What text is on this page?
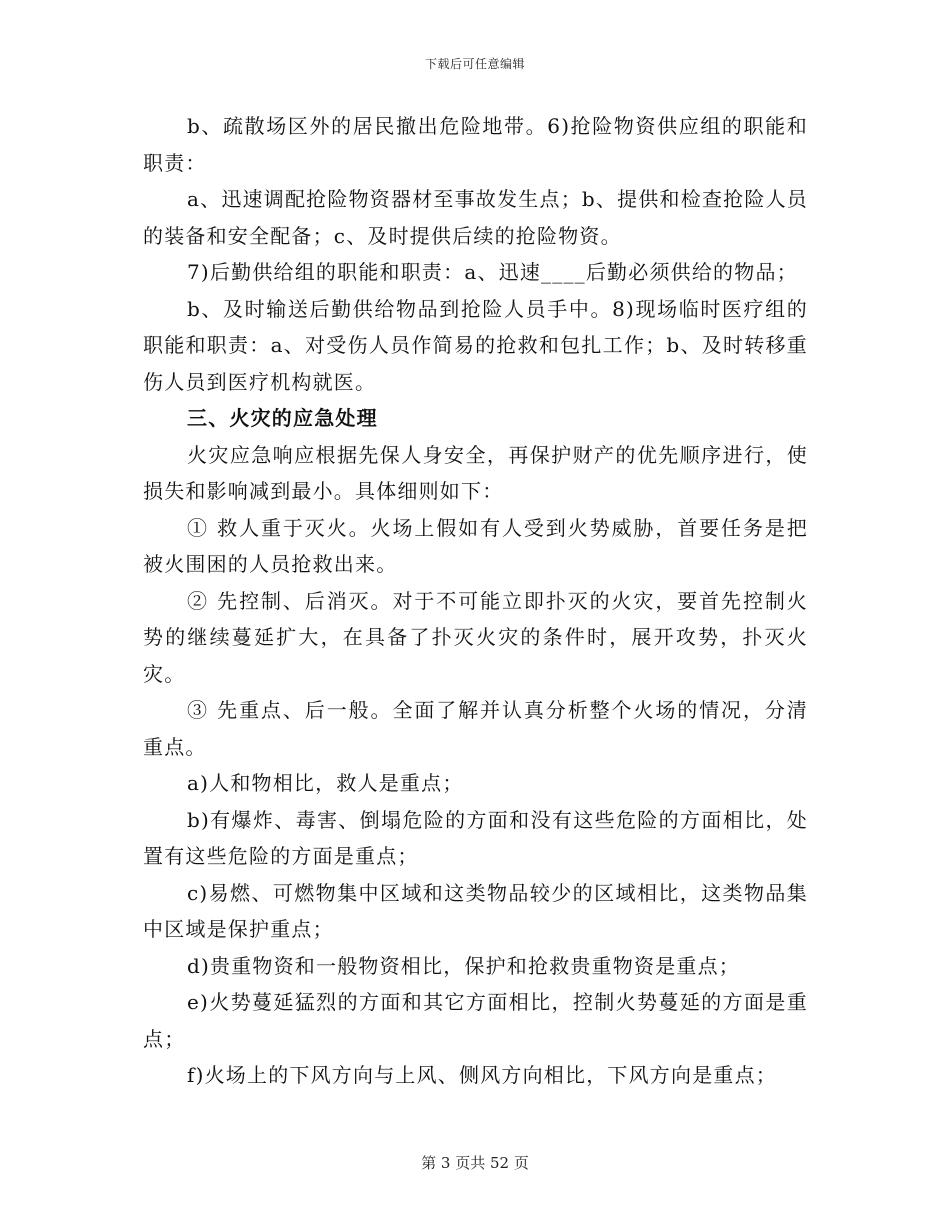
下载后可任意编辑

b、疏散场区外的居民撤出危险地带。6)抢险物资供应组的职能和职责：

a、迅速调配抢险物资器材至事故发生点；b、提供和检查抢险人员的装备和安全配备；c、及时提供后续的抢险物资。

7)后勤供给组的职能和职责：a、迅速____后勤必须供给的物品；

b、及时输送后勤供给物品到抢险人员手中。8)现场临时医疗组的职能和职责：a、对受伤人员作简易的抢救和包扎工作；b、及时转移重伤人员到医疗机构就医。

三、火灾的应急处理

火灾应急响应根据先保人身安全，再保护财产的优先顺序进行，使损失和影响减到最小。具体细则如下：

① 救人重于灭火。火场上假如有人受到火势威胁，首要任务是把被火围困的人员抢救出来。

② 先控制、后消灭。对于不可能立即扑灭的火灾，要首先控制火势的继续蔓延扩大，在具备了扑灭火灾的条件时，展开攻势，扑灭火灾。

③ 先重点、后一般。全面了解并认真分析整个火场的情况，分清重点。

a)人和物相比，救人是重点；

b)有爆炸、毒害、倒塌危险的方面和没有这些危险的方面相比，处置有这些危险的方面是重点；

c)易燃、可燃物集中区域和这类物品较少的区域相比，这类物品集中区域是保护重点；

d)贵重物资和一般物资相比，保护和抢救贵重物资是重点；

e)火势蔓延猛烈的方面和其它方面相比，控制火势蔓延的方面是重点；

f)火场上的下风方向与上风、侧风方向相比，下风方向是重点；

第 3 页共 52 页
